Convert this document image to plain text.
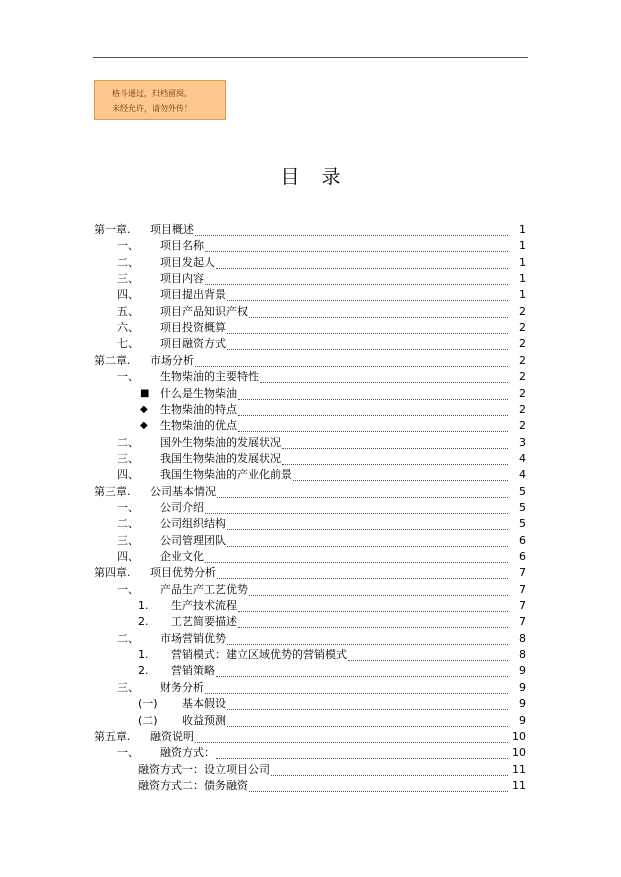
格斗通过，归档留阅。
未经允许，请勿外传！
目录
第一章. 项目概述	1
一、 项目名称	1
二、 项目发起人	1
三、 项目内容	1
四、 项目提出背景	1
五、 项目产品知识产权	2
六、 项目投资概算	2
七、 项目融资方式	2
第二章. 市场分析	2
一、 生物柴油的主要特性	2
■ 什么是生物柴油	2
◆ 生物柴油的特点	2
◆ 生物柴油的优点	2
二、 国外生物柴油的发展状况	3
三、 我国生物柴油的发展状况	4
四、 我国生物柴油的产业化前景	4
第三章. 公司基本情况	5
一、 公司介绍	5
二、 公司组织结构	5
三、 公司管理团队	6
四、 企业文化	6
第四章. 项目优势分析	7
一、 产品生产工艺优势	7
1. 生产技术流程	7
2. 工艺简要描述	7
二、 市场营销优势	8
1. 营销模式：建立区域优势的营销模式	8
2. 营销策略	9
三、 财务分析	9
(一) 基本假设	9
(二) 收益预测	9
第五章. 融资说明	10
一、 融资方式：	10
融资方式一：设立项目公司	11
融资方式二：债务融资	11
